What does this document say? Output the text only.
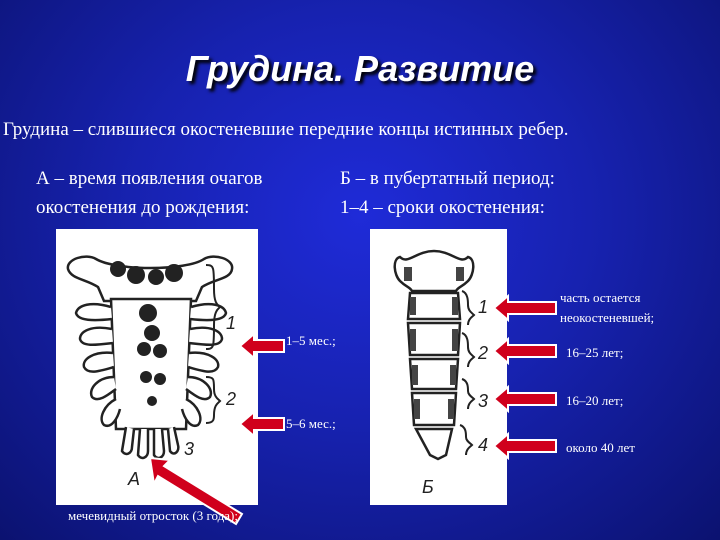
Грудина. Развитие
Грудина – слившиеся окостеневшие передние концы истинных ребер.
А – время появления очагов
окостенения до рождения:
Б – в пубертатный период:
1–4 – сроки окостенения:
1
2
3
А
1
2
3
4
Б
1–5 мес.;
5–6 мес.;
мечевидный отросток (3 года);
часть остается
неокостеневшей;
16–25 лет;
16–20 лет;
около 40 лет
